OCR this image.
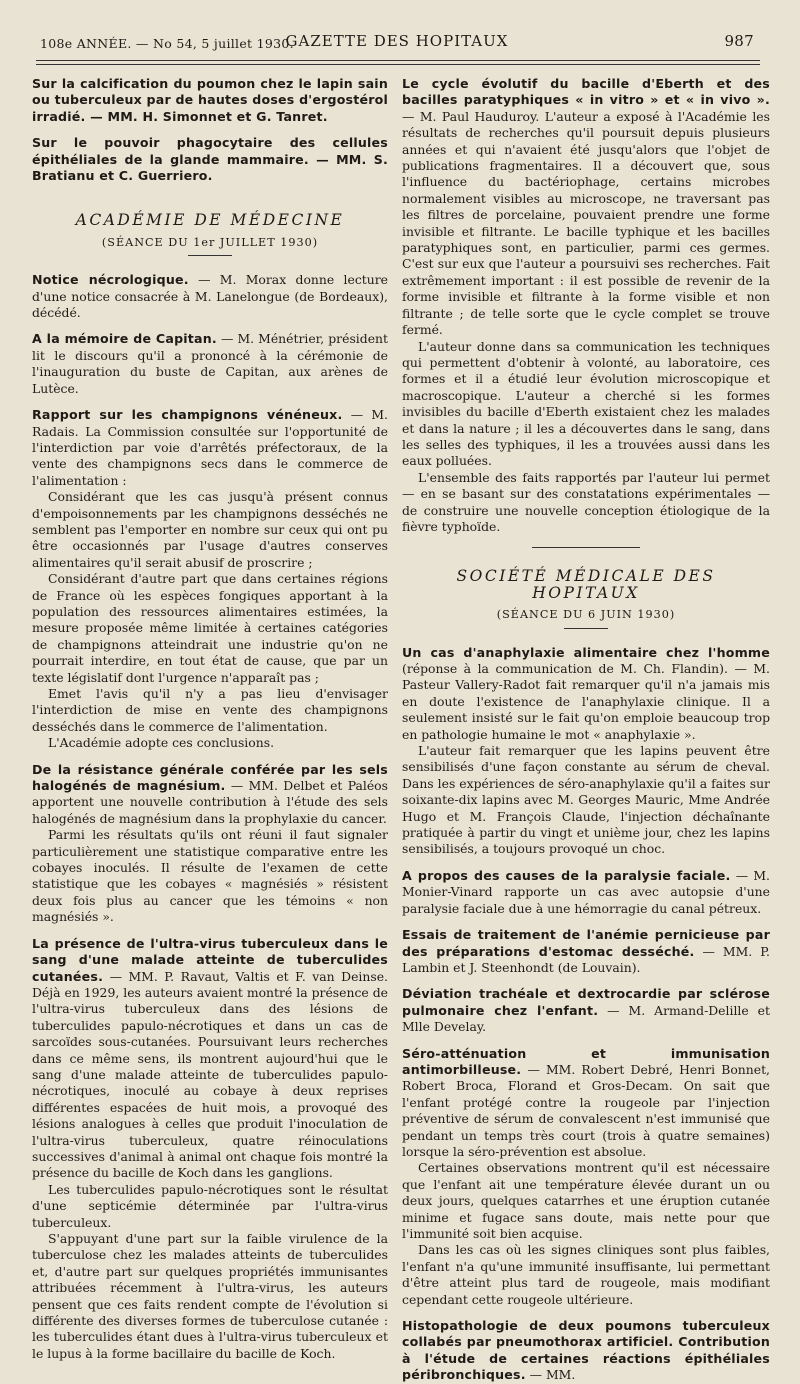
108e ANNÉE. — No 54, 5 juillet 1930.
GAZETTE DES HOPITAUX	987

Sur la calcification du poumon chez le lapin sain ou tuberculeux par de hautes doses d'ergostérol irradié. — MM. H. Simonnet et G. Tanret.

Sur le pouvoir phagocytaire des cellules épithéliales de la glande mammaire. — MM. S. Bratianu et C. Guerriero.

ACADÉMIE DE MÉDECINE

(SÉANCE DU 1er JUILLET 1930)

Notice nécrologique. — M. Morax donne lecture d'une notice consacrée à M. Lanelongue (de Bordeaux), décédé.

A la mémoire de Capitan. — M. Ménétrier, président lit le discours qu'il a prononcé à la cérémonie de l'inauguration du buste de Capitan, aux arènes de Lutèce.

Rapport sur les champignons vénéneux. — M. Radais. La Commission consultée sur l'opportunité de l'interdiction par voie d'arrêtés préfectoraux, de la vente des champignons secs dans le commerce de l'alimentation :

Considérant que les cas jusqu'à présent connus d'empoisonnements par les champignons desséchés ne semblent pas l'emporter en nombre sur ceux qui ont pu être occasionnés par l'usage d'autres conserves alimentaires qu'il serait abusif de proscrire ;

Considérant d'autre part que dans certaines régions de France où les espèces fongiques apportant à la population des ressources alimentaires estimées, la mesure proposée même limitée à certaines catégories de champignons atteindrait une industrie qu'on ne pourrait interdire, en tout état de cause, que par un texte législatif dont l'urgence n'apparaît pas ;

Emet l'avis qu'il n'y a pas lieu d'envisager l'interdiction de mise en vente des champignons desséchés dans le commerce de l'alimentation.

L'Académie adopte ces conclusions.

De la résistance générale conférée par les sels halogénés de magnésium. — MM. Delbet et Paléos apportent une nouvelle contribution à l'étude des sels halogénés de magnésium dans la prophylaxie du cancer.

Parmi les résultats qu'ils ont réuni il faut signaler particulièrement une statistique comparative entre les cobayes inoculés. Il résulte de l'examen de cette statistique que les cobayes « magnésiés » résistent deux fois plus au cancer que les témoins « non magnésiés ».

La présence de l'ultra-virus tuberculeux dans le sang d'une malade atteinte de tuberculides cutanées. — MM. P. Ravaut, Valtis et F. van Deinse. Déjà en 1929, les auteurs avaient montré la présence de l'ultra-virus tuberculeux dans des lésions de tuberculides papulo-nécrotiques et dans un cas de sarcoïdes sous-cutanées. Poursuivant leurs recherches dans ce même sens, ils montrent aujourd'hui que le sang d'une malade atteinte de tuberculides papulo-nécrotiques, inoculé au cobaye à deux reprises différentes espacées de huit mois, a provoqué des lésions analogues à celles que produit l'inoculation de l'ultra-virus tuberculeux, quatre réinoculations successives d'animal à animal ont chaque fois montré la présence du bacille de Koch dans les ganglions.

Les tuberculides papulo-nécrotiques sont le résultat d'une septicémie déterminée par l'ultra-virus tuberculeux.

S'appuyant d'une part sur la faible virulence de la tuberculose chez les malades atteints de tuberculides et, d'autre part sur quelques propriétés immunisantes attribuées récemment à l'ultra-virus, les auteurs pensent que ces faits rendent compte de l'évolution si différente des diverses formes de tuberculose cutanée : les tuberculides étant dues à l'ultra-virus tuberculeux et le lupus à la forme bacillaire du bacille de Koch.

Le cycle évolutif du bacille d'Eberth et des bacilles paratyphiques « in vitro » et « in vivo ». — M. Paul Hauduroy. L'auteur a exposé à l'Académie les résultats de recherches qu'il poursuit depuis plusieurs années et qui n'avaient été jusqu'alors que l'objet de publications fragmentaires. Il a découvert que, sous l'influence du bactériophage, certains microbes normalement visibles au microscope, ne traversant pas les filtres de porcelaine, pouvaient prendre une forme invisible et filtrante. Le bacille typhique et les bacilles paratyphiques sont, en particulier, parmi ces germes. C'est sur eux que l'auteur a poursuivi ses recherches. Fait extrêmement important : il est possible de revenir de la forme invisible et filtrante à la forme visible et non filtrante ; de telle sorte que le cycle complet se trouve fermé.

L'auteur donne dans sa communication les techniques qui permettent d'obtenir à volonté, au laboratoire, ces formes et il a étudié leur évolution microscopique et macroscopique. L'auteur a cherché si les formes invisibles du bacille d'Eberth existaient chez les malades et dans la nature ; il les a découvertes dans le sang, dans les selles des typhiques, il les a trouvées aussi dans les eaux polluées.

L'ensemble des faits rapportés par l'auteur lui permet — en se basant sur des constatations expérimentales — de construire une nouvelle conception étiologique de la fièvre typhoïde.

SOCIÉTÉ MÉDICALE DES HOPITAUX

(SÉANCE DU 6 JUIN 1930)

Un cas d'anaphylaxie alimentaire chez l'homme (réponse à la communication de M. Ch. Flandin). — M. Pasteur Vallery-Radot fait remarquer qu'il n'a jamais mis en doute l'existence de l'anaphylaxie clinique. Il a seulement insisté sur le fait qu'on emploie beaucoup trop en pathologie humaine le mot « anaphylaxie ».

L'auteur fait remarquer que les lapins peuvent être sensibilisés d'une façon constante au sérum de cheval. Dans les expériences de séro-anaphylaxie qu'il a faites sur soixante-dix lapins avec M. Georges Mauric, Mme Andrée Hugo et M. François Claude, l'injection déchaînante pratiquée à partir du vingt et unième jour, chez les lapins sensibilisés, a toujours provoqué un choc.

A propos des causes de la paralysie faciale. — M. Monier-Vinard rapporte un cas avec autopsie d'une paralysie faciale due à une hémorragie du canal pétreux.

Essais de traitement de l'anémie pernicieuse par des préparations d'estomac desséché. — MM. P. Lambin et J. Steenhondt (de Louvain).

Déviation trachéale et dextrocardie par sclérose pulmonaire chez l'enfant. — M. Armand-Delille et Mlle Develay.

Séro-atténuation et immunisation antimorbilleuse. — MM. Robert Debré, Henri Bonnet, Robert Broca, Florand et Gros-Decam. On sait que l'enfant protégé contre la rougeole par l'injection préventive de sérum de convalescent n'est immunisé que pendant un temps très court (trois à quatre semaines) lorsque la séro-prévention est absolue.

Certaines observations montrent qu'il est nécessaire que l'enfant ait une température élevée durant un ou deux jours, quelques catarrhes et une éruption cutanée minime et fugace sans doute, mais nette pour que l'immunité soit bien acquise.

Dans les cas où les signes cliniques sont plus faibles, l'enfant n'a qu'une immunité insuffisante, lui permettant d'être atteint plus tard de rougeole, mais modifiant cependant cette rougeole ultérieure.

Histopathologie de deux poumons tuberculeux collabés par pneumothorax artificiel. Contribution à l'étude de certaines réactions épithéliales péribronchiques. — MM.
